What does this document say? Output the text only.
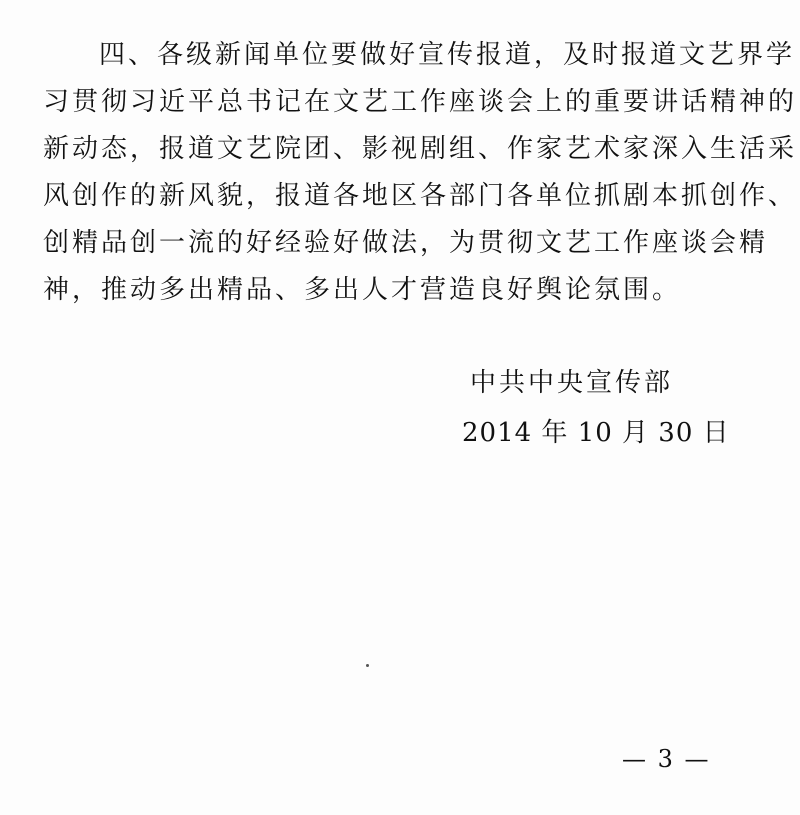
四、各级新闻单位要做好宣传报道，及时报道文艺界学
习贯彻习近平总书记在文艺工作座谈会上的重要讲话精神的
新动态，报道文艺院团、影视剧组、作家艺术家深入生活采
风创作的新风貌，报道各地区各部门各单位抓剧本抓创作、
创精品创一流的好经验好做法，为贯彻文艺工作座谈会精
神，推动多出精品、多出人才营造良好舆论氛围。

中共中央宣传部
2014 年 10 月 30 日
— 3 —
